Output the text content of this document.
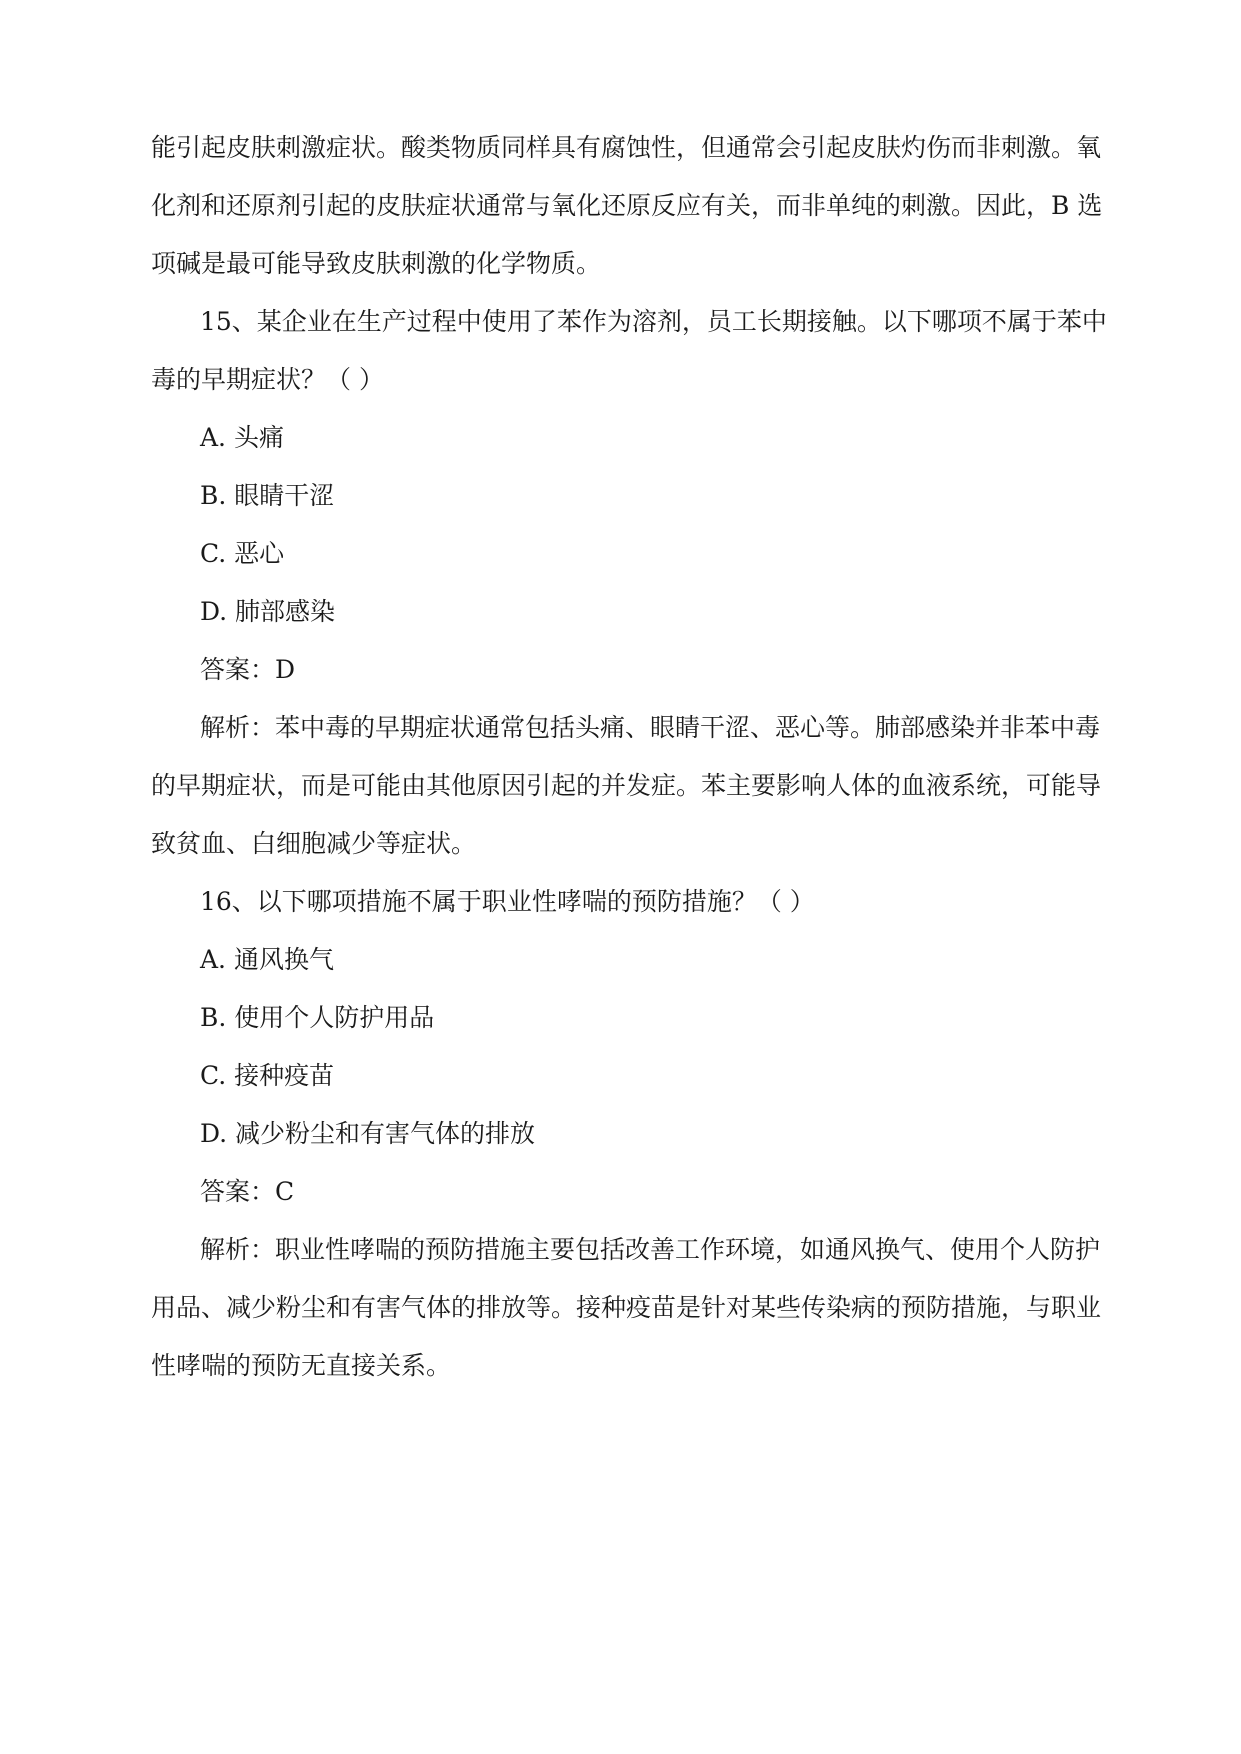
能引起皮肤刺激症状。酸类物质同样具有腐蚀性，但通常会引起皮肤灼伤而非刺激。氧
化剂和还原剂引起的皮肤症状通常与氧化还原反应有关，而非单纯的刺激。因此，B 选
项碱是最可能导致皮肤刺激的化学物质。
15、某企业在生产过程中使用了苯作为溶剂，员工长期接触。以下哪项不属于苯中
毒的早期症状？（ ）
A. 头痛
B. 眼睛干涩
C. 恶心
D. 肺部感染
答案：D
解析：苯中毒的早期症状通常包括头痛、眼睛干涩、恶心等。肺部感染并非苯中毒
的早期症状，而是可能由其他原因引起的并发症。苯主要影响人体的血液系统，可能导
致贫血、白细胞减少等症状。
16、以下哪项措施不属于职业性哮喘的预防措施？（ ）
A. 通风换气
B. 使用个人防护用品
C. 接种疫苗
D. 减少粉尘和有害气体的排放
答案：C
解析：职业性哮喘的预防措施主要包括改善工作环境，如通风换气、使用个人防护
用品、减少粉尘和有害气体的排放等。接种疫苗是针对某些传染病的预防措施，与职业
性哮喘的预防无直接关系。
